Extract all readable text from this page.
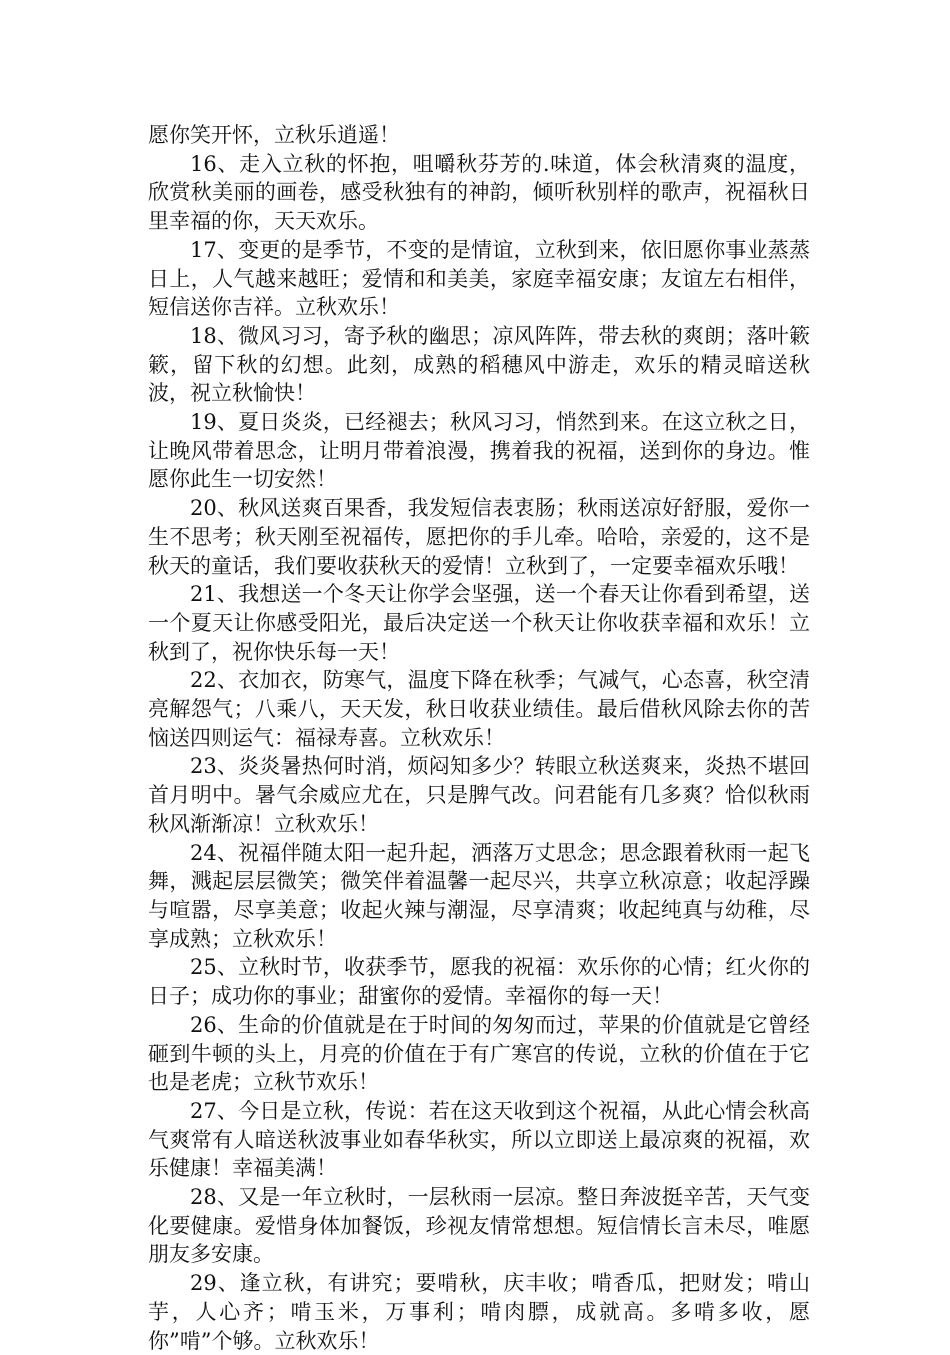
愿你笑开怀，立秋乐逍遥！

16、走入立秋的怀抱，咀嚼秋芬芳的.味道，体会秋清爽的温度，欣赏秋美丽的画卷，感受秋独有的神韵，倾听秋别样的歌声，祝福秋日里幸福的你，天天欢乐。

17、变更的是季节，不变的是情谊，立秋到来，依旧愿你事业蒸蒸日上，人气越来越旺；爱情和和美美，家庭幸福安康；友谊左右相伴，短信送你吉祥。立秋欢乐！

18、微风习习，寄予秋的幽思；凉风阵阵，带去秋的爽朗；落叶簌簌，留下秋的幻想。此刻，成熟的稻穗风中游走，欢乐的精灵暗送秋波，祝立秋愉快！

19、夏日炎炎，已经褪去；秋风习习，悄然到来。在这立秋之日，让晚风带着思念，让明月带着浪漫，携着我的祝福，送到你的身边。惟愿你此生一切安然！

20、秋风送爽百果香，我发短信表衷肠；秋雨送凉好舒服，爱你一生不思考；秋天刚至祝福传，愿把你的手儿牵。哈哈，亲爱的，这不是秋天的童话，我们要收获秋天的爱情！立秋到了，一定要幸福欢乐哦！

21、我想送一个冬天让你学会坚强，送一个春天让你看到希望，送一个夏天让你感受阳光，最后决定送一个秋天让你收获幸福和欢乐！立秋到了，祝你快乐每一天！

22、衣加衣，防寒气，温度下降在秋季；气减气，心态喜，秋空清亮解怨气；八乘八，天天发，秋日收获业绩佳。最后借秋风除去你的苦恼送四则运气：福禄寿喜。立秋欢乐！

23、炎炎暑热何时消，烦闷知多少？转眼立秋送爽来，炎热不堪回首月明中。暑气余威应尤在，只是脾气改。问君能有几多爽？恰似秋雨秋风渐渐凉！立秋欢乐！

24、祝福伴随太阳一起升起，洒落万丈思念；思念跟着秋雨一起飞舞，溅起层层微笑；微笑伴着温馨一起尽兴，共享立秋凉意；收起浮躁与喧嚣，尽享美意；收起火辣与潮湿，尽享清爽；收起纯真与幼稚，尽享成熟；立秋欢乐！

25、立秋时节，收获季节，愿我的祝福：欢乐你的心情；红火你的日子；成功你的事业；甜蜜你的爱情。幸福你的每一天！

26、生命的价值就是在于时间的匆匆而过，苹果的价值就是它曾经砸到牛顿的头上，月亮的价值在于有广寒宫的传说，立秋的价值在于它也是老虎；立秋节欢乐！

27、今日是立秋，传说：若在这天收到这个祝福，从此心情会秋高气爽常有人暗送秋波事业如春华秋实，所以立即送上最凉爽的祝福，欢乐健康！幸福美满！

28、又是一年立秋时，一层秋雨一层凉。整日奔波挺辛苦，天气变化要健康。爱惜身体加餐饭，珍视友情常想想。短信情长言未尽，唯愿朋友多安康。

29、逢立秋，有讲究；要啃秋，庆丰收；啃香瓜，把财发；啃山芋，人心齐；啃玉米，万事利；啃肉膘，成就高。多啃多收，愿你”啃”个够。立秋欢乐！
